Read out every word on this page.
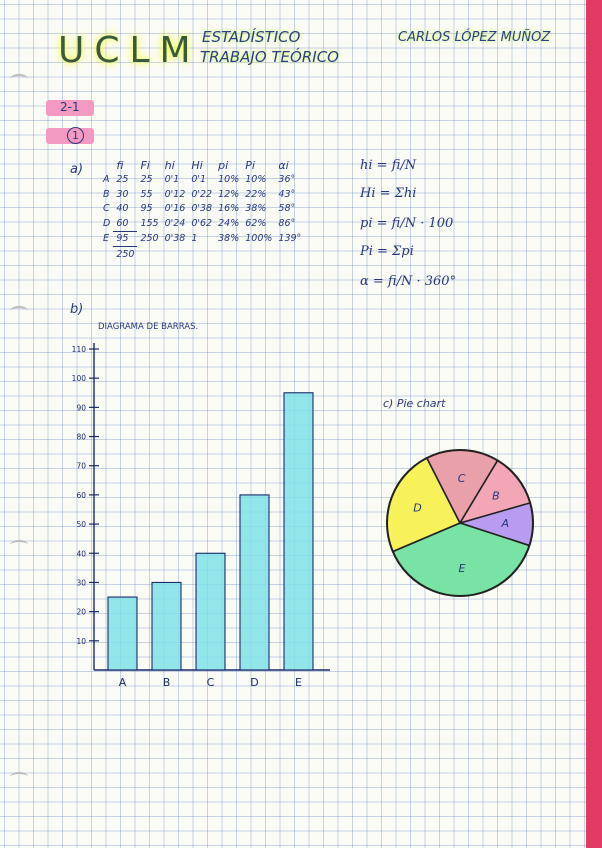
UCLM ESTADÍSTICO
TRABAJO TEÓRICO
CARLOS LÓPEZ MUÑOZ
2-1
1
a)
		fi	Fi	hi	Hi	pi	Pi	αi
A	25	25	0'1	0'1	10%	10%	36°
B	30	55	0'12	0'22	12%	22%	43°
C	40	95	0'16	0'38	16%	38%	58°
D	60	155	0'24	0'62	24%	62%	86°
E	95	250	0'38	1	38%	100%	139°
	250						
hi = fi/N
Hi = Σhi
pi = fi/N · 100
Pi = Σpi
α = fi/N · 360°
b)
DIAGRAMA DE BARRAS.
10
20
30
40
50
60
70
80
90
100
110
A	B	C	D	E
c) Pie chart
A
E
D
C
B
